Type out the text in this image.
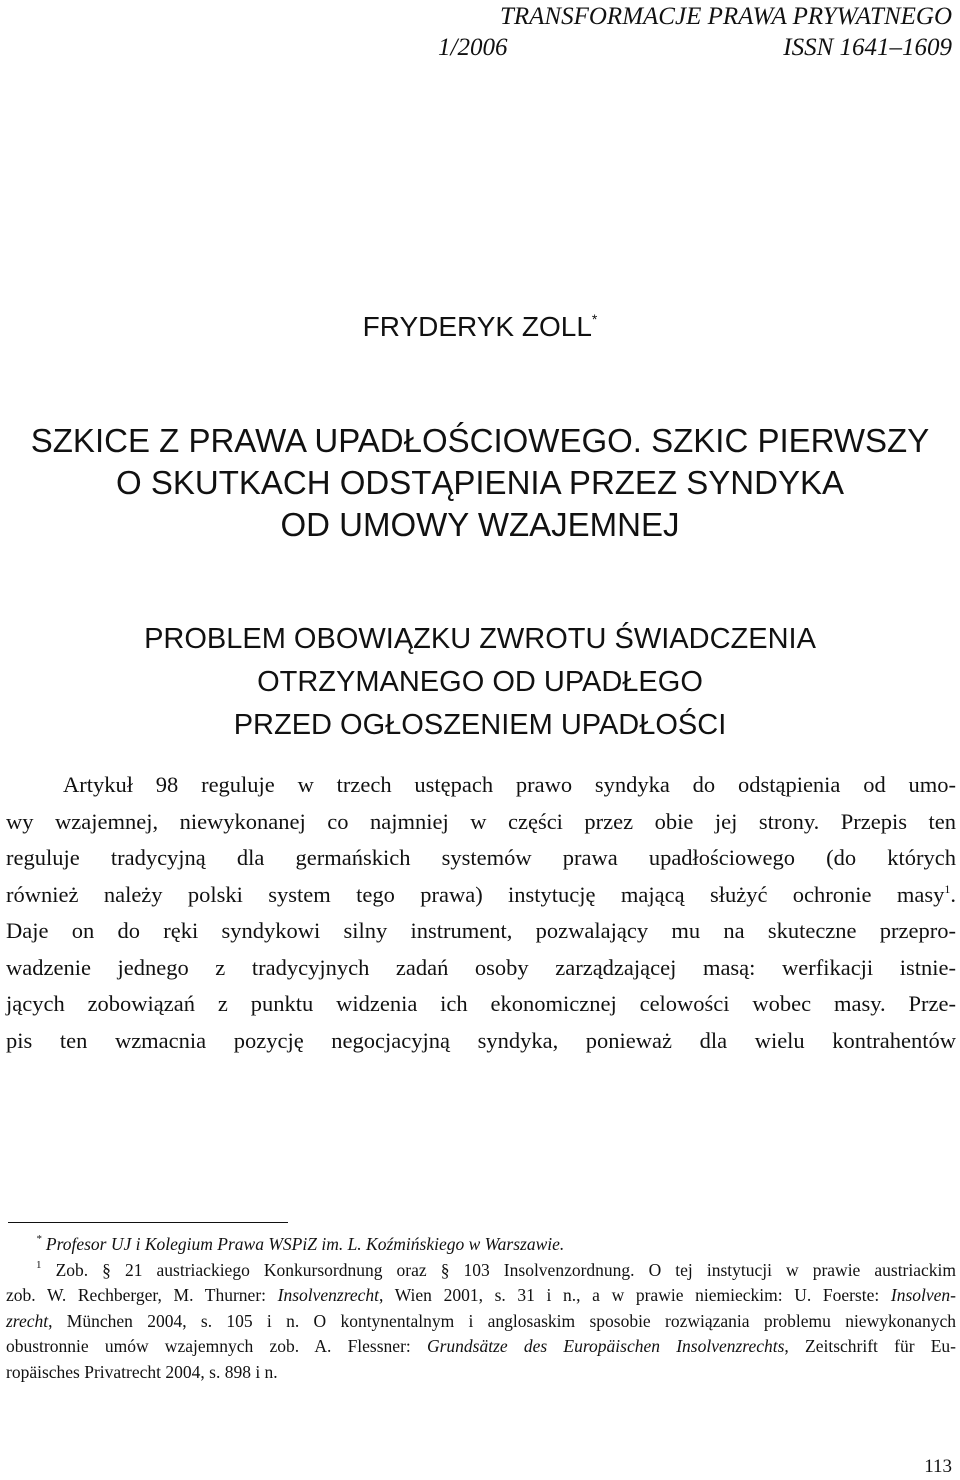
TRANSFORMACJE PRAWA PRYWATNEGO
1/2006	ISSN 1641–1609
FRYDERYK ZOLL*
SZKICE Z PRAWA UPADŁOŚCIOWEGO. SZKIC PIERWSZY
O SKUTKACH ODSTĄPIENIA PRZEZ SYNDYKA
OD UMOWY WZAJEMNEJ
PROBLEM OBOWIĄZKU ZWROTU ŚWIADCZENIA
OTRZYMANEGO OD UPADŁEGO
PRZED OGŁOSZENIEM UPADŁOŚCI
Artykuł 98 reguluje w trzech ustępach prawo syndyka do odstąpienia od umo-
wy wzajemnej, niewykonanej co najmniej w części przez obie jej strony. Przepis ten
reguluje tradycyjną dla germańskich systemów prawa upadłościowego (do których
również należy polski system tego prawa) instytucję mającą służyć ochronie masy$^1$.
Daje on do ręki syndykowi silny instrument, pozwalający mu na skuteczne przepro-
wadzenie jednego z tradycyjnych zadań osoby zarządzającej masą: werfikacji istnie-
jących zobowiązań z punktu widzenia ich ekonomicznej celowości wobec masy. Prze-
pis ten wzmacnia pozycję negocjacyjną syndyka, ponieważ dla wielu kontrahentów
* Profesor UJ i Kolegium Prawa WSPiZ im. L. Koźmińskiego w Warszawie.
$^1$ Zob. § 21 austriackiego Konkursordnung oraz § 103 Insolvenzordnung. O tej instytucji w prawie austriackim
zob. W. Rechberger, M. Thurner: Insolvenzrecht, Wien 2001, s. 31 i n., a w prawie niemieckim: U. Foerste: Insolven-
zrecht, München 2004, s. 105 i n. O kontynentalnym i anglosaskim sposobie rozwiązania problemu niewykonanych
obustronnie umów wzajemnych zob. A. Flessner: Grundsätze des Europäischen Insolvenzrechts, Zeitschrift für Eu-
ropäisches Privatrecht 2004, s. 898 i n.
113
